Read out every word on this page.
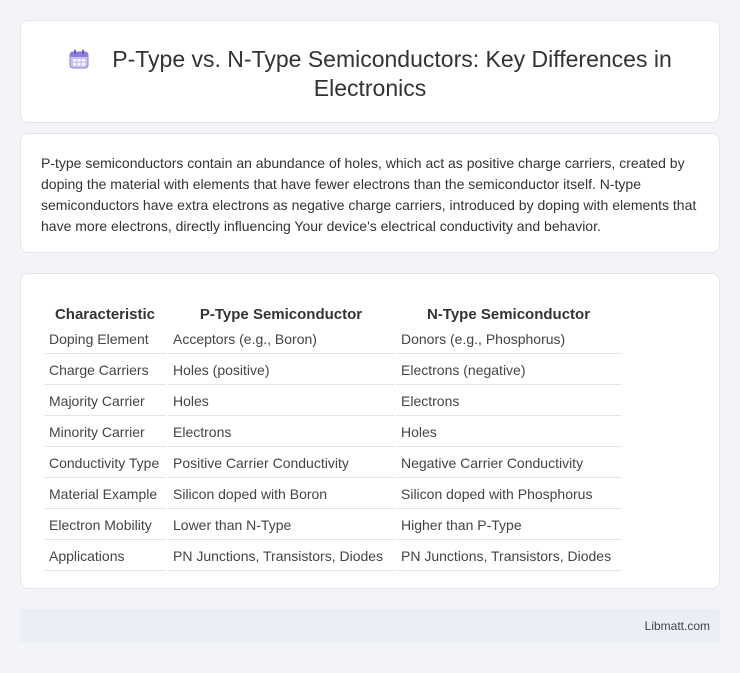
P-Type vs. N-Type Semiconductors: Key Differences in Electronics

P-type semiconductors contain an abundance of holes, which act as positive charge carriers, created by doping the material with elements that have fewer electrons than the semiconductor itself. N-type semiconductors have extra electrons as negative charge carriers, introduced by doping with elements that have more electrons, directly influencing Your device's electrical conductivity and behavior.

Characteristic	P-Type Semiconductor	N-Type Semiconductor
Doping Element	Acceptors (e.g., Boron)	Donors (e.g., Phosphorus)
Charge Carriers	Holes (positive)	Electrons (negative)
Majority Carrier	Holes	Electrons
Minority Carrier	Electrons	Holes
Conductivity Type	Positive Carrier Conductivity	Negative Carrier Conductivity
Material Example	Silicon doped with Boron	Silicon doped with Phosphorus
Electron Mobility	Lower than N-Type	Higher than P-Type
Applications	PN Junctions, Transistors, Diodes	PN Junctions, Transistors, Diodes
Libmatt.com
